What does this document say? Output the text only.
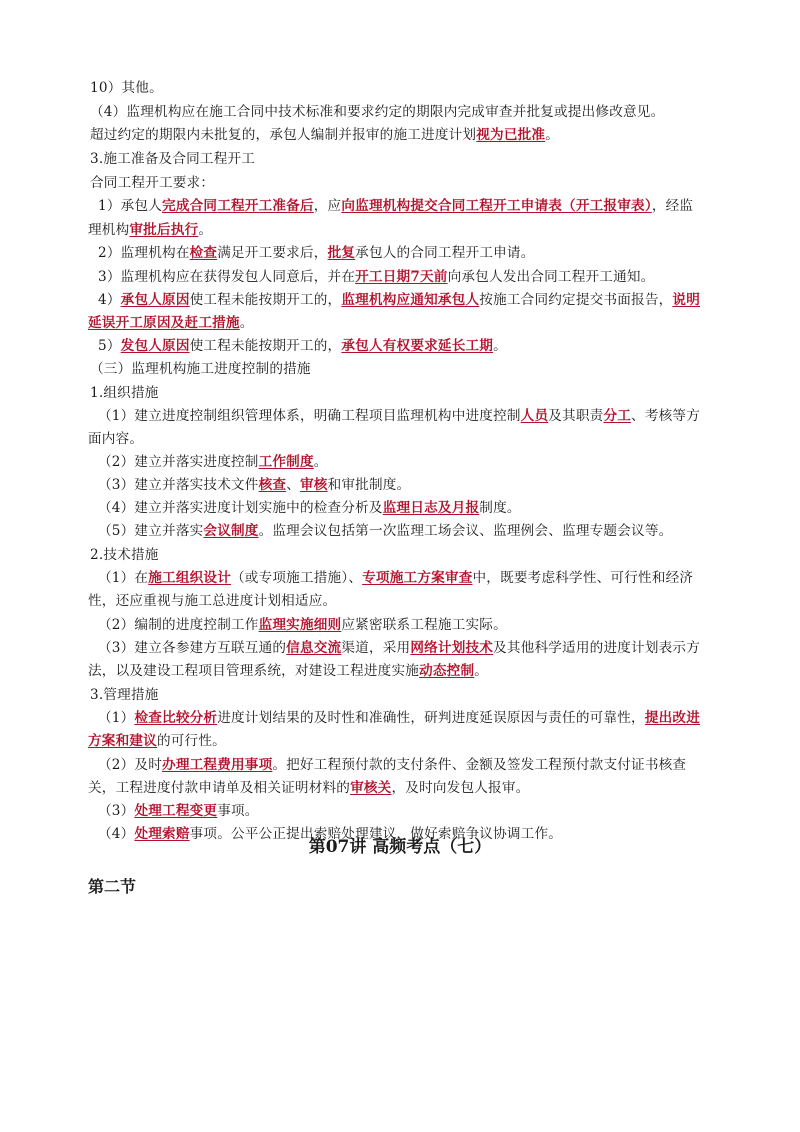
10）其他。
（4）监理机构应在施工合同中技术标准和要求约定的期限内完成审查并批复或提出修改意见。
超过约定的期限内未批复的，承包人编制并报审的施工进度计划视为已批准。
3.施工准备及合同工程开工
合同工程开工要求：
1）承包人完成合同工程开工准备后，应向监理机构提交合同工程开工申请表（开工报审表），经监
理机构审批后执行。
2）监理机构在检查满足开工要求后，批复承包人的合同工程开工申请。
3）监理机构应在获得发包人同意后，并在开工日期7天前向承包人发出合同工程开工通知。
4）承包人原因使工程未能按期开工的，监理机构应通知承包人按施工合同约定提交书面报告，说明
延误开工原因及赶工措施。
5）发包人原因使工程未能按期开工的，承包人有权要求延长工期。
（三）监理机构施工进度控制的措施
1.组织措施
（1）建立进度控制组织管理体系，明确工程项目监理机构中进度控制人员及其职责分工、考核等方
面内容。
（2）建立并落实进度控制工作制度。
（3）建立并落实技术文件核查、审核和审批制度。
（4）建立并落实进度计划实施中的检查分析及监理日志及月报制度。
（5）建立并落实会议制度。监理会议包括第一次监理工场会议、监理例会、监理专题会议等。
2.技术措施
（1）在施工组织设计（或专项施工措施）、专项施工方案审查中，既要考虑科学性、可行性和经济
性，还应重视与施工总进度计划相适应。
（2）编制的进度控制工作监理实施细则应紧密联系工程施工实际。
（3）建立各参建方互联互通的信息交流渠道，采用网络计划技术及其他科学适用的进度计划表示方
法，以及建设工程项目管理系统，对建设工程进度实施动态控制。
3.管理措施
（1）检查比较分析进度计划结果的及时性和准确性，研判进度延误原因与责任的可靠性，提出改进
方案和建议的可行性。
（2）及时办理工程费用事项。把好工程预付款的支付条件、金额及签发工程预付款支付证书核查
关，工程进度付款申请单及相关证明材料的审核关，及时向发包人报审。
（3）处理工程变更事项。
（4）处理索赔事项。公平公正提出索赔处理建议，做好索赔争议协调工作。
第07讲 高频考点（七）
第二节
